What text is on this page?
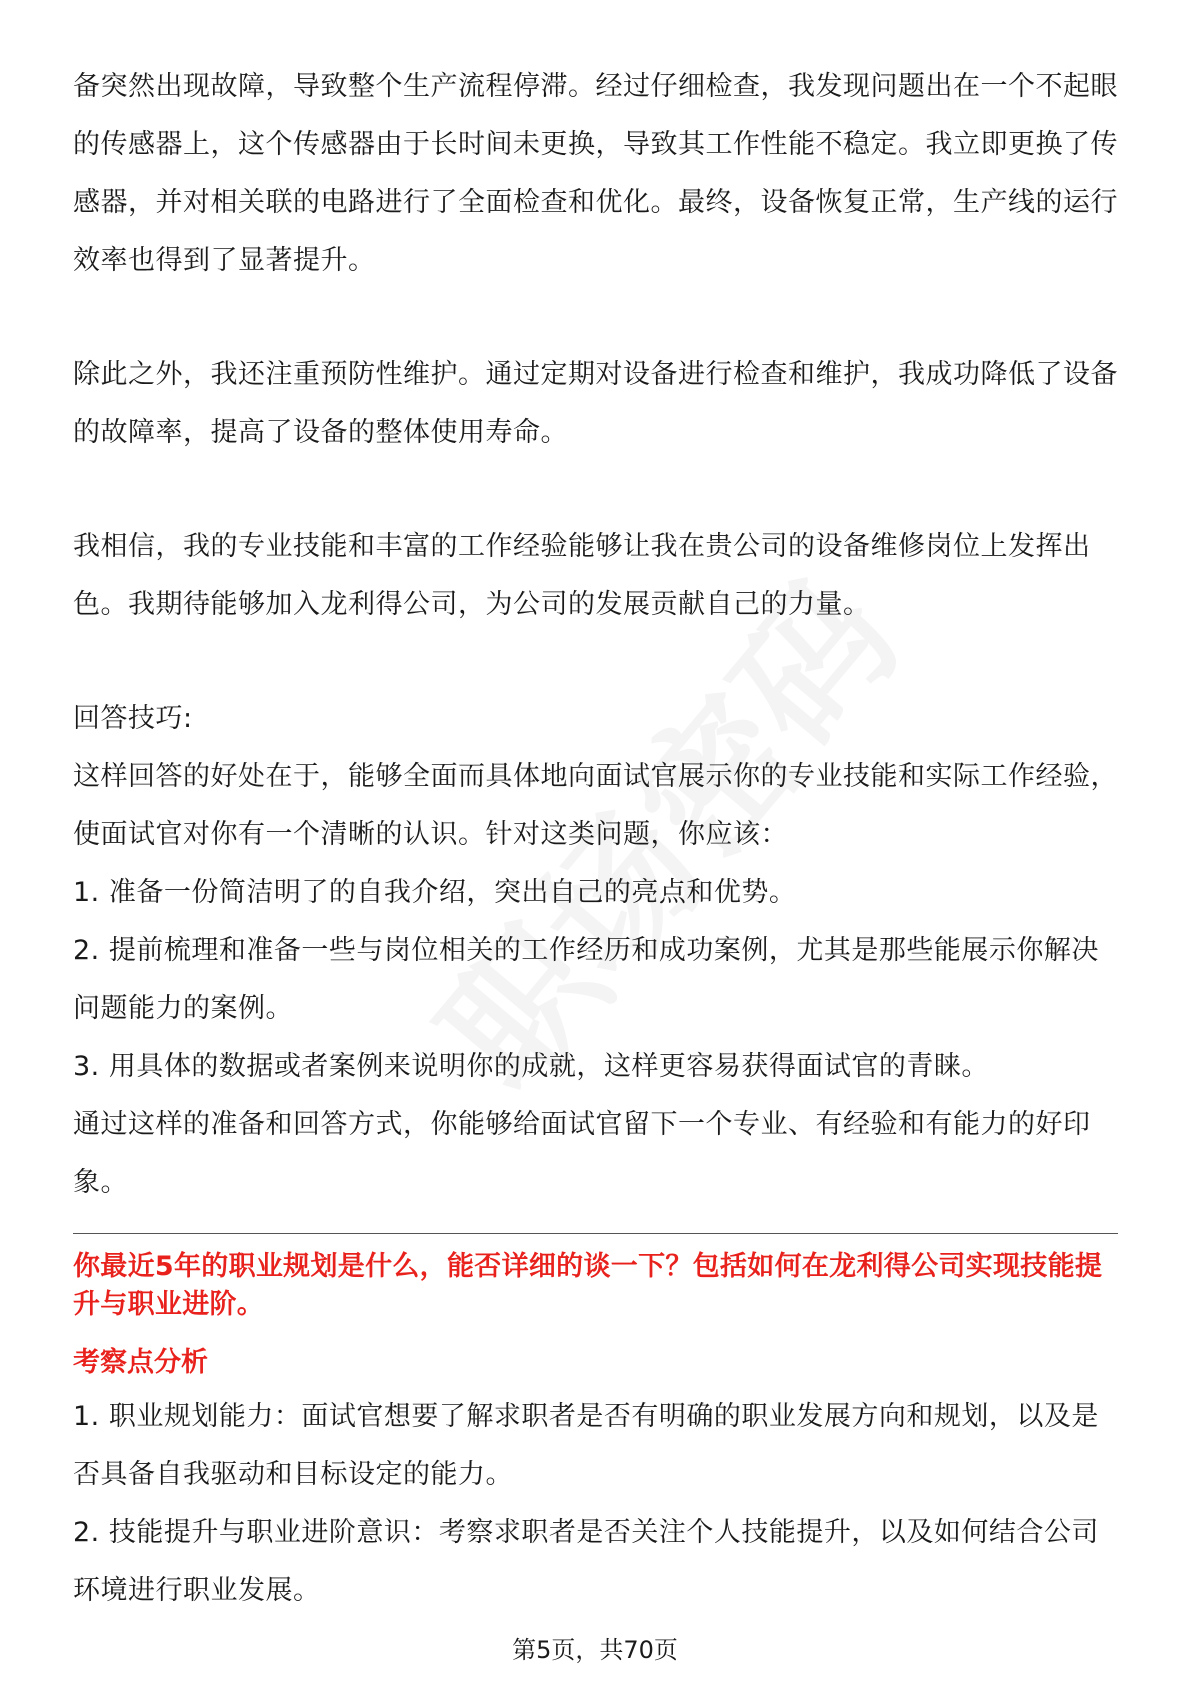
备突然出现故障，导致整个生产流程停滞。经过仔细检查，我发现问题出在一个不起眼的传感器上，这个传感器由于长时间未更换，导致其工作性能不稳定。我立即更换了传感器，并对相关联的电路进行了全面检查和优化。最终，设备恢复正常，生产线的运行效率也得到了显著提升。

除此之外，我还注重预防性维护。通过定期对设备进行检查和维护，我成功降低了设备的故障率，提高了设备的整体使用寿命。

我相信，我的专业技能和丰富的工作经验能够让我在贵公司的设备维修岗位上发挥出色。我期待能够加入龙利得公司，为公司的发展贡献自己的力量。

回答技巧:

这样回答的好处在于，能够全面而具体地向面试官展示你的专业技能和实际工作经验，使面试官对你有一个清晰的认识。针对这类问题，你应该：

1. 准备一份简洁明了的自我介绍，突出自己的亮点和优势。

2. 提前梳理和准备一些与岗位相关的工作经历和成功案例，尤其是那些能展示你解决问题能力的案例。

3. 用具体的数据或者案例来说明你的成就，这样更容易获得面试官的青睐。

通过这样的准备和回答方式，你能够给面试官留下一个专业、有经验和有能力的好印象。

你最近5年的职业规划是什么，能否详细的谈一下？包括如何在龙利得公司实现技能提升与职业进阶。

考察点分析

1. 职业规划能力：面试官想要了解求职者是否有明确的职业发展方向和规划，以及是否具备自我驱动和目标设定的能力。

2. 技能提升与职业进阶意识：考察求职者是否关注个人技能提升，以及如何结合公司环境进行职业发展。

第5页，共70页
